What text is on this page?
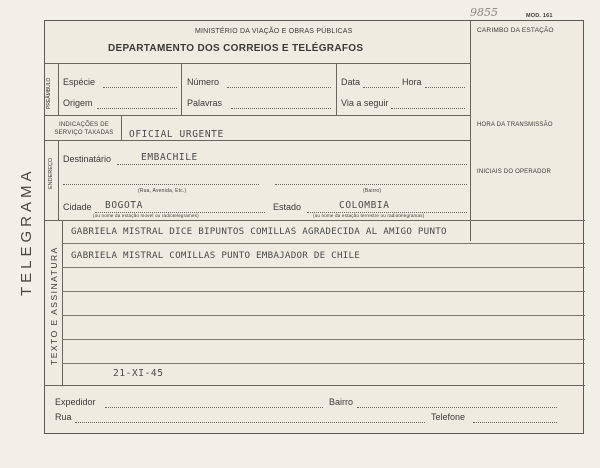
9855
TELEGRAMA
MINISTÉRIO DA VIAÇÃO E OBRAS PÚBLICAS
DEPARTAMENTO DOS CORREIOS E TELÉGRAFOS
MOD. 161
CARIMBO DA ESTAÇÃO
PREÂMBULO Espécie	Número	Data	Hora
Origem	Palavras	Via a seguir
INDICAÇÕES DE SERVIÇO TAXADAS	OFICIAL URGENTE
HORA DA TRANSMISSÃO
INICIAIS DO OPERADOR
ENDEREÇO Destinatário	EMBACHILE
(Rua, Avenida, Etc.)	(Bairro)
Cidade BOGOTA
(ou nome da estação movel ou radiotelegrames)
Estado	COLOMBIA
(ou nome da estação terrestre ou radiotelegramas)
TEXTO E ASSINATURA
GABRIELA MISTRAL DICE BIPUNTOS COMILLAS AGRADECIDA AL AMIGO PUNTO
GABRIELA MISTRAL COMILLAS PUNTO EMBAJADOR DE CHILE
21-XI-45
Expedidor	Bairro
Rua	Telefone
